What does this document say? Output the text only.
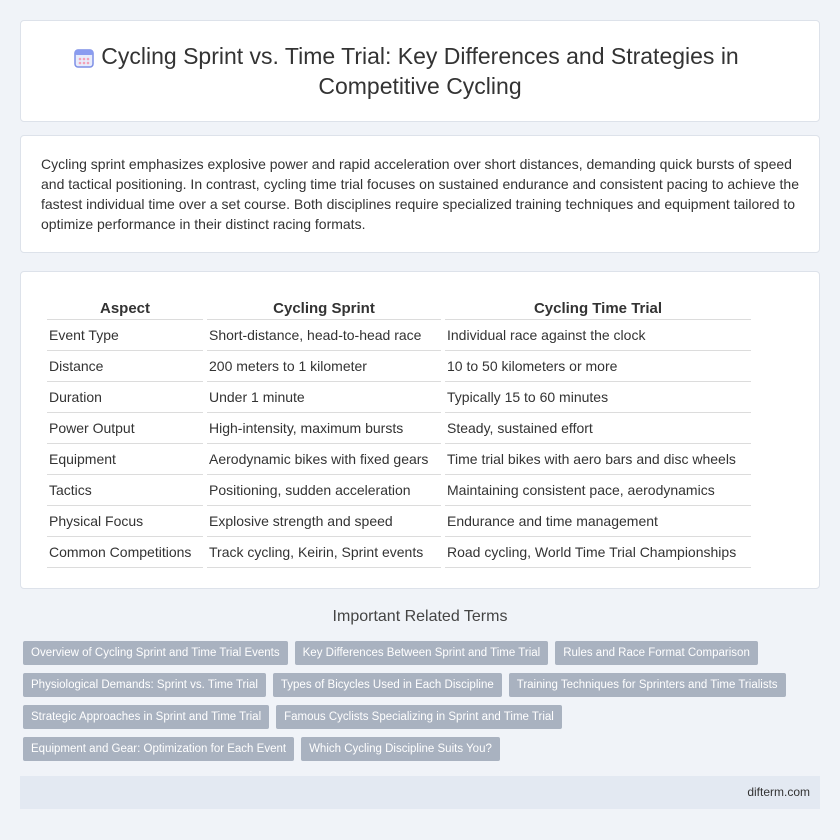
Cycling Sprint vs. Time Trial: Key Differences and Strategies in Competitive Cycling

Cycling sprint emphasizes explosive power and rapid acceleration over short distances, demanding quick bursts of speed and tactical positioning. In contrast, cycling time trial focuses on sustained endurance and consistent pacing to achieve the fastest individual time over a set course. Both disciplines require specialized training techniques and equipment tailored to optimize performance in their distinct racing formats.

Aspect	Cycling Sprint	Cycling Time Trial
Event Type	Short-distance, head-to-head race	Individual race against the clock
Distance	200 meters to 1 kilometer	10 to 50 kilometers or more
Duration	Under 1 minute	Typically 15 to 60 minutes
Power Output	High-intensity, maximum bursts	Steady, sustained effort
Equipment	Aerodynamic bikes with fixed gears	Time trial bikes with aero bars and disc wheels
Tactics	Positioning, sudden acceleration	Maintaining consistent pace, aerodynamics
Physical Focus	Explosive strength and speed	Endurance and time management
Common Competitions	Track cycling, Keirin, Sprint events	Road cycling, World Time Trial Championships
Important Related Terms
Overview of Cycling Sprint and Time Trial Events	Key Differences Between Sprint and Time Trial	Rules and Race Format Comparison
Physiological Demands: Sprint vs. Time Trial	Types of Bicycles Used in Each Discipline	Training Techniques for Sprinters and Time Trialists
Strategic Approaches in Sprint and Time Trial	Famous Cyclists Specializing in Sprint and Time Trial
Equipment and Gear: Optimization for Each Event	Which Cycling Discipline Suits You?
difterm.com
